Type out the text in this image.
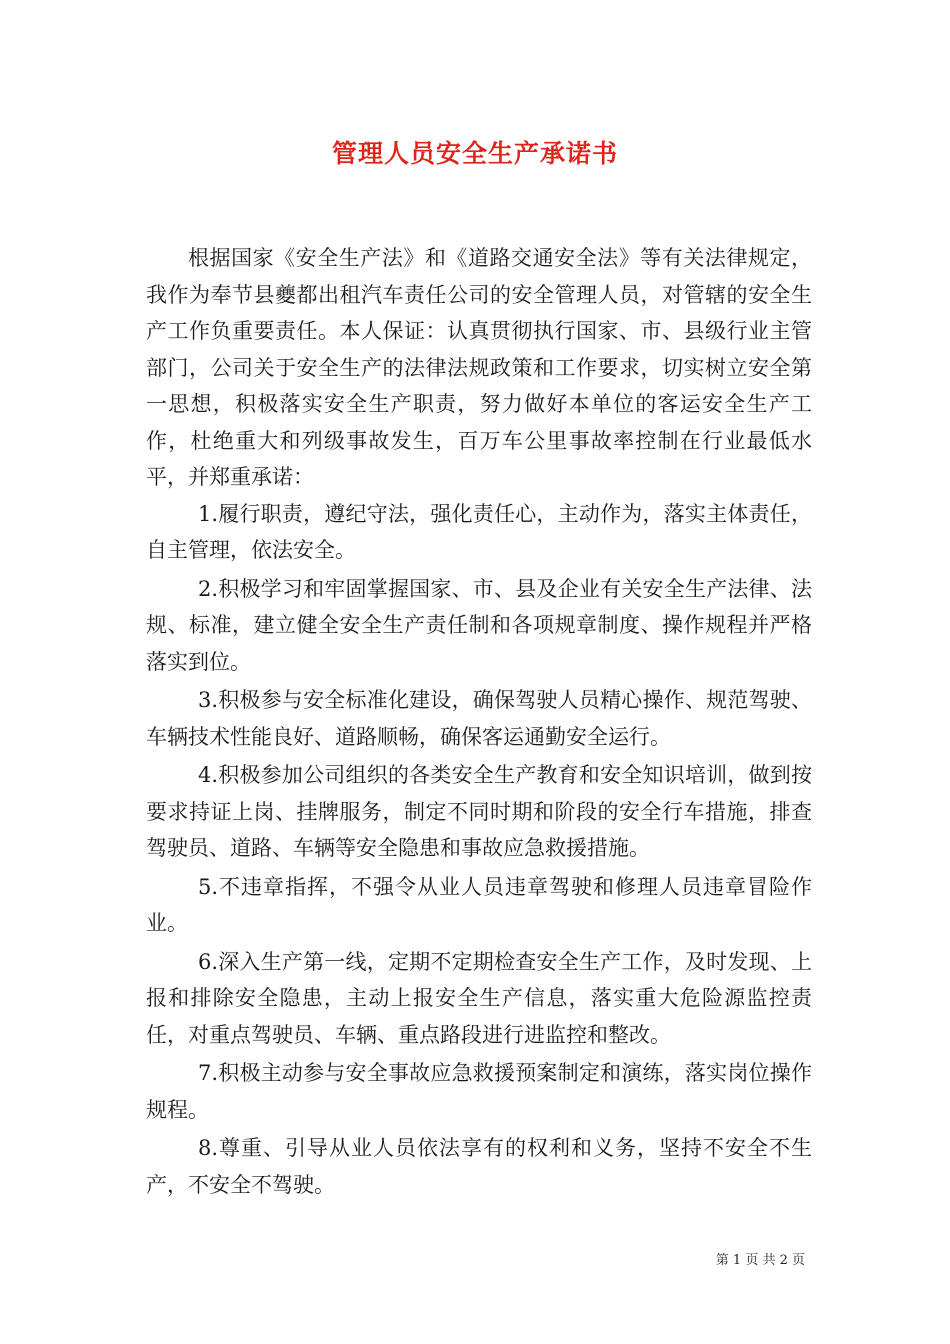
管理人员安全生产承诺书

根据国家《安全生产法》和《道路交通安全法》等有关法律规定，我作为奉节县夔都出租汽车责任公司的安全管理人员，对管辖的安全生产工作负重要责任。本人保证：认真贯彻执行国家、市、县级行业主管部门，公司关于安全生产的法律法规政策和工作要求，切实树立安全第一思想，积极落实安全生产职责，努力做好本单位的客运安全生产工作，杜绝重大和列级事故发生，百万车公里事故率控制在行业最低水平，并郑重承诺：

1.履行职责，遵纪守法，强化责任心，主动作为，落实主体责任，自主管理，依法安全。

2.积极学习和牢固掌握国家、市、县及企业有关安全生产法律、法规、标准，建立健全安全生产责任制和各项规章制度、操作规程并严格落实到位。

3.积极参与安全标准化建设，确保驾驶人员精心操作、规范驾驶、车辆技术性能良好、道路顺畅，确保客运通勤安全运行。

4.积极参加公司组织的各类安全生产教育和安全知识培训，做到按要求持证上岗、挂牌服务，制定不同时期和阶段的安全行车措施，排查驾驶员、道路、车辆等安全隐患和事故应急救援措施。

5.不违章指挥，不强令从业人员违章驾驶和修理人员违章冒险作业。

6.深入生产第一线，定期不定期检查安全生产工作，及时发现、上报和排除安全隐患，主动上报安全生产信息，落实重大危险源监控责任，对重点驾驶员、车辆、重点路段进行进监控和整改。

7.积极主动参与安全事故应急救援预案制定和演练，落实岗位操作规程。

8.尊重、引导从业人员依法享有的权利和义务，坚持不安全不生产，不安全不驾驶。

第 1 页 共 2 页
